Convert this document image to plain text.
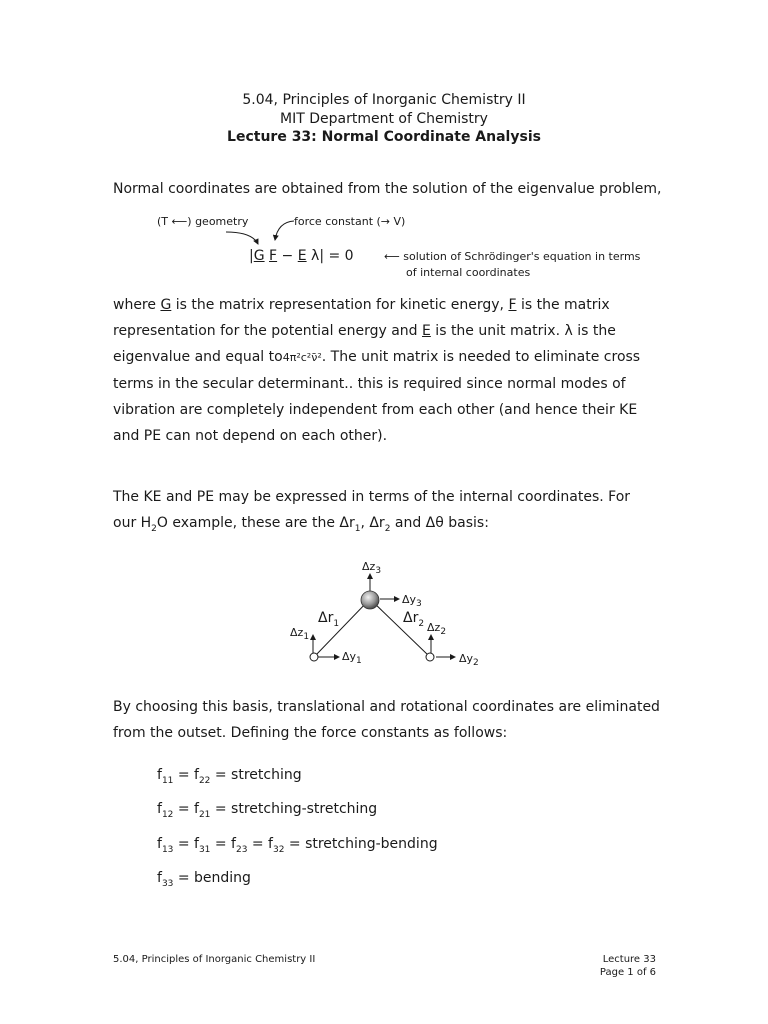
5.04, Principles of Inorganic Chemistry II
MIT Department of Chemistry
Lecture 33: Normal Coordinate Analysis
Normal coordinates are obtained from the solution of the eigenvalue problem,
(T ⟵) geometry	force constant (→ V)
|G F − E λ| = 0	⟵ solution of Schrödinger's equation in terms
of internal coordinates
where G is the matrix representation for kinetic energy, F is the matrix
representation for the potential energy and E is the unit matrix. λ is the
eigenvalue and equal to4π²c²ν̄². The unit matrix is needed to eliminate cross
terms in the secular determinant.. this is required since normal modes of
vibration are completely independent from each other (and hence their KE
and PE can not depend on each other).
The KE and PE may be expressed in terms of the internal coordinates. For
our $H_2O$ example, these are the $\Delta r_1$, $\Delta r_2$ and Δθ basis:
$\Delta z_3$
$\Delta y_3$
$\Delta r_1$	$\Delta r_2$
$\Delta z_1$
$\Delta z_2$
$\Delta y_1$	$\Delta y_2$
By choosing this basis, translational and rotational coordinates are eliminated
from the outset. Defining the force constants as follows:
$f_{11} = f_{22}$ = stretching
$f_{12} = f_{21}$ = stretching-stretching
$f_{13} = f_{31} = f_{23} = f_{32}$ = stretching-bending
$f_{33}$ = bending
5.04, Principles of Inorganic Chemistry II	Lecture 33
Page 1 of 6
